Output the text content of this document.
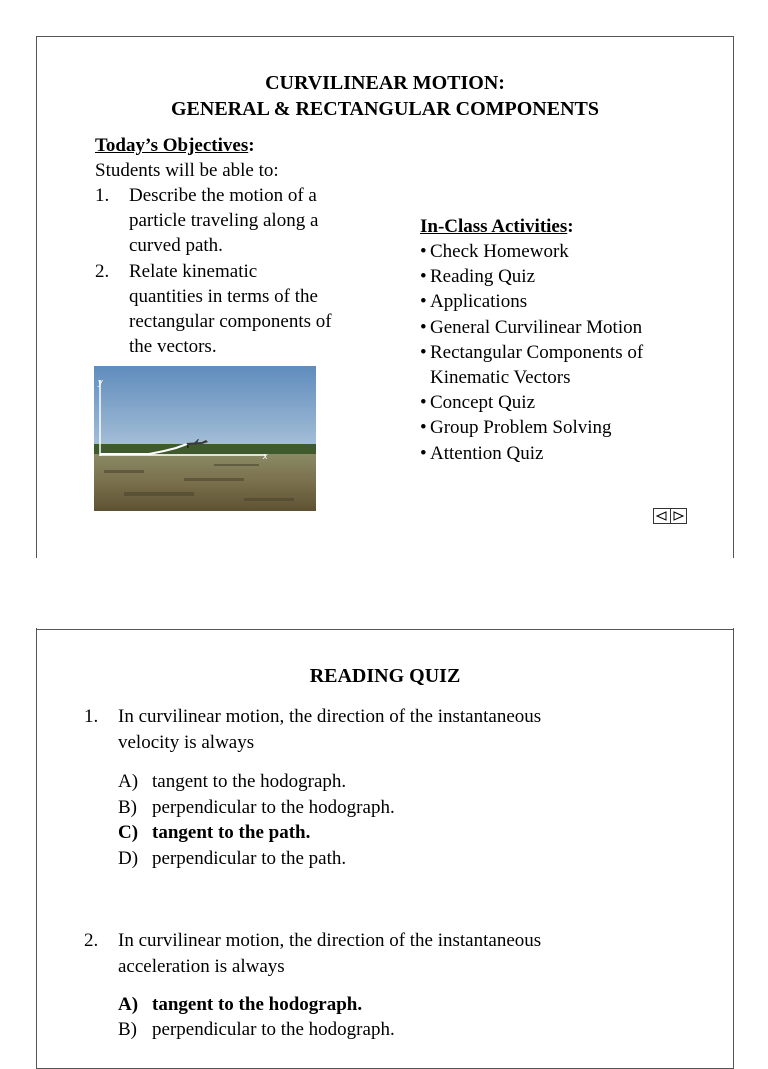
CURVILINEAR MOTION:
GENERAL & RECTANGULAR COMPONENTS
Today’s Objectives:
Students will be able to:
1. Describe the motion of a
particle traveling along a
curved path.
2. Relate kinematic
quantities in terms of the
rectangular components of
the vectors.
In-Class Activities:
• Check Homework
• Reading Quiz
• Applications
• General Curvilinear Motion
• Rectangular Components of
Kinematic Vectors
• Concept Quiz
• Group Problem Solving
• Attention Quiz
y
x
READING QUIZ
1. In curvilinear motion, the direction of the instantaneous
velocity is always
A) tangent to the hodograph.
B) perpendicular to the hodograph.
C) tangent to the path.
D) perpendicular to the path.
2. In curvilinear motion, the direction of the instantaneous
acceleration is always
A) tangent to the hodograph.
B) perpendicular to the hodograph.
